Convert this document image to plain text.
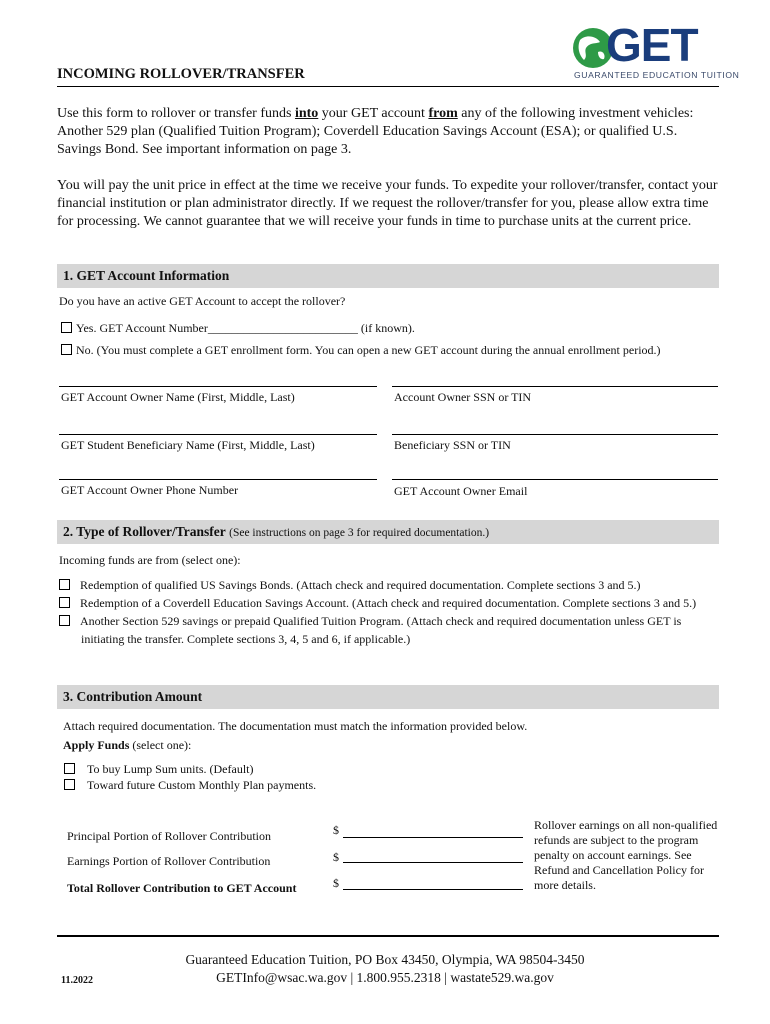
GET
GUARANTEED EDUCATION TUITION
INCOMING ROLLOVER/TRANSFER
Use this form to rollover or transfer funds into your GET account from any of the following investment vehicles: Another 529 plan (Qualified Tuition Program); Coverdell Education Savings Account (ESA); or qualified U.S. Savings Bond. See important information on page 3.
You will pay the unit price in effect at the time we receive your funds. To expedite your rollover/transfer, contact your financial institution or plan administrator directly. If we request the rollover/transfer for you, please allow extra time for processing. We cannot guarantee that we will receive your funds in time to purchase units at the current price.
1. GET Account Information
Do you have an active GET Account to accept the rollover?
Yes. GET Account Number_________________________ (if known).
No. (You must complete a GET enrollment form. You can open a new GET account during the annual enrollment period.)
GET Account Owner Name (First, Middle, Last)	Account Owner SSN or TIN
GET Student Beneficiary Name (First, Middle, Last)	Beneficiary SSN or TIN
GET Account Owner Phone Number	GET Account Owner Email
2. Type of Rollover/Transfer (See instructions on page 3 for required documentation.)
Incoming funds are from (select one):
Redemption of qualified US Savings Bonds. (Attach check and required documentation. Complete sections 3 and 5.)
Redemption of a Coverdell Education Savings Account. (Attach check and required documentation. Complete sections 3 and 5.)
Another Section 529 savings or prepaid Qualified Tuition Program. (Attach check and required documentation unless GET is
initiating the transfer. Complete sections 3, 4, 5 and 6, if applicable.)
3. Contribution Amount
Attach required documentation. The documentation must match the information provided below.
Apply Funds (select one):
To buy Lump Sum units. (Default)
Toward future Custom Monthly Plan payments.
Principal Portion of Rollover Contribution	$
Earnings Portion of Rollover Contribution	$
Total Rollover Contribution to GET Account	$
Rollover earnings on all non-qualified
refunds are subject to the program
penalty on account earnings. See
Refund and Cancellation Policy for
more details.
Guaranteed Education Tuition, PO Box 43450, Olympia, WA 98504-3450
GETInfo@wsac.wa.gov | 1.800.955.2318 | wastate529.wa.gov
11.2022
